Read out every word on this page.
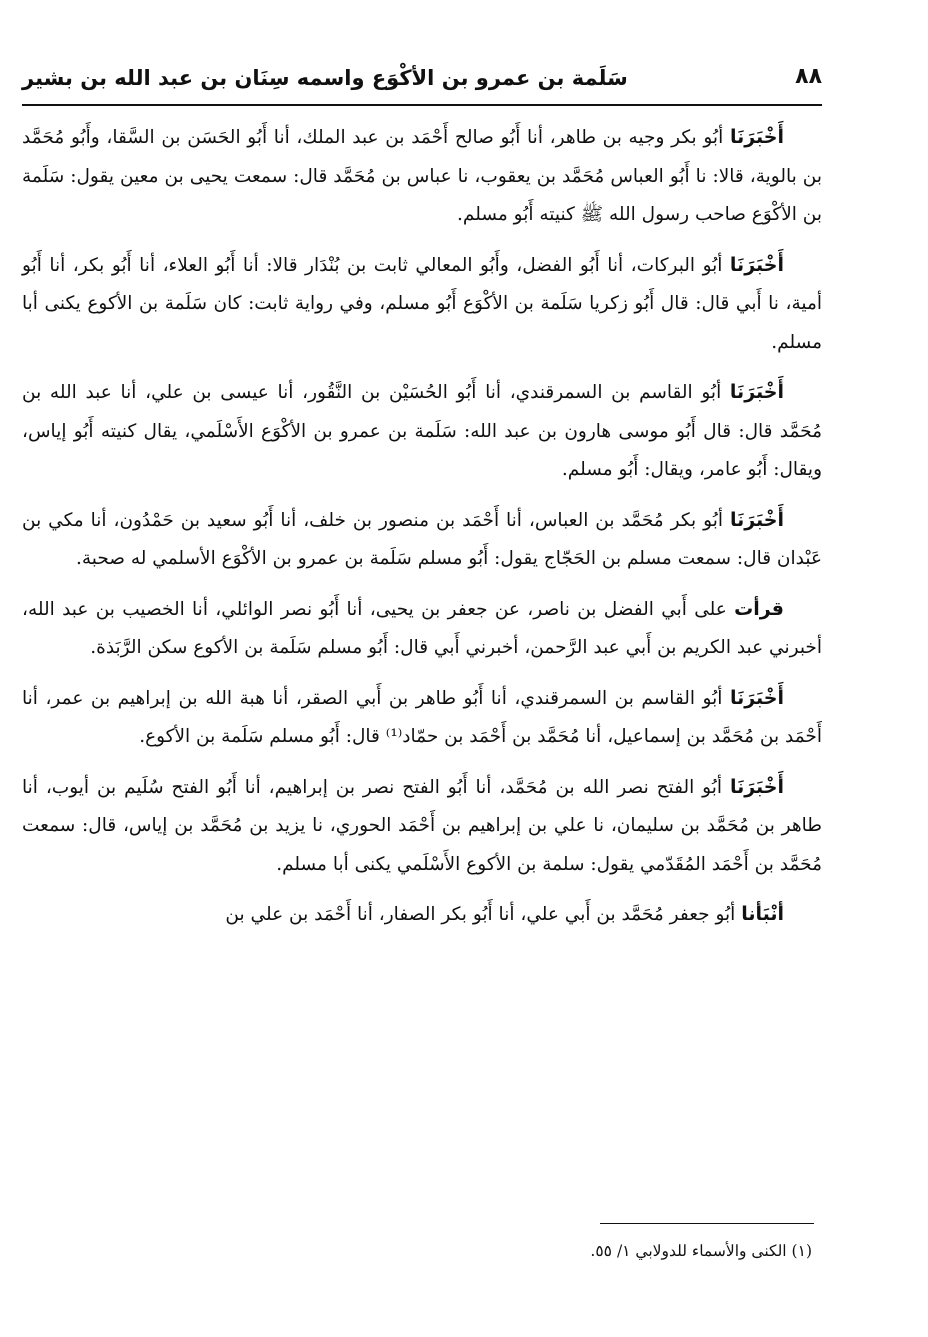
٨٨
سَلَمة بن عمرو بن الأكْوَع واسمه سِنَان بن عبد الله بن بشير

أَخْبَرَنَا أبُو بكر وجيه بن طاهر، أنا أَبُو صالح أَحْمَد بن عبد الملك، أنا أَبُو الحَسَن بن السَّقا، وأَبُو مُحَمَّد بن بالوية، قالا: نا أَبُو العباس مُحَمَّد بن يعقوب، نا عباس بن مُحَمَّد قال: سمعت يحيى بن معين يقول: سَلَمة بن الأكْوَع صاحب رسول الله ﷺ كنيته أَبُو مسلم.

أَخْبَرَنَا أبُو البركات، أنا أَبُو الفضل، وأَبُو المعالي ثابت بن بُنْدَار قالا: أنا أَبُو العلاء، أنا أَبُو بكر، أنا أَبُو أمية، نا أَبي قال: قال أَبُو زكريا سَلَمة بن الأكْوَع أَبُو مسلم، وفي رواية ثابت: كان سَلَمة بن الأكوع يكنى أبا مسلم.

أَخْبَرَنَا أبُو القاسم بن السمرقندي، أنا أَبُو الحُسَيْن بن النَّقُور، أنا عيسى بن علي، أنا عبد الله بن مُحَمَّد قال: قال أَبُو موسى هارون بن عبد الله: سَلَمة بن عمرو بن الأكْوَع الأَسْلَمي، يقال كنيته أَبُو إياس، ويقال: أَبُو عامر، ويقال: أَبُو مسلم.

أَخْبَرَنَا أبُو بكر مُحَمَّد بن العباس، أنا أَحْمَد بن منصور بن خلف، أنا أَبُو سعيد بن حَمْدُون، أنا مكي بن عَبْدان قال: سمعت مسلم بن الحَجّاج يقول: أَبُو مسلم سَلَمة بن عمرو بن الأكْوَع الأسلمي له صحبة.

قرأت على أَبي الفضل بن ناصر، عن جعفر بن يحيى، أنا أَبُو نصر الوائلي، أنا الخصيب بن عبد الله، أخبرني عبد الكريم بن أَبي عبد الرَّحمن، أخبرني أَبي قال: أَبُو مسلم سَلَمة بن الأكوع سكن الرَّبَذة.

أَخْبَرَنَا أبُو القاسم بن السمرقندي، أنا أَبُو طاهر بن أَبي الصقر، أنا هبة الله بن إبراهيم بن عمر، أنا أَحْمَد بن مُحَمَّد بن إسماعيل، أنا مُحَمَّد بن أَحْمَد بن حمّاد⁽¹⁾ قال: أَبُو مسلم سَلَمة بن الأكوع.

أَخْبَرَنَا أبُو الفتح نصر الله بن مُحَمَّد، أنا أَبُو الفتح نصر بن إبراهيم، أنا أَبُو الفتح سُلَيم بن أيوب، أنا طاهر بن مُحَمَّد بن سليمان، نا علي بن إبراهيم بن أَحْمَد الحوري، نا يزيد بن مُحَمَّد بن إياس، قال: سمعت مُحَمَّد بن أَحْمَد المُقَدّمي يقول: سلمة بن الأكوع الأَسْلَمي يكنى أبا مسلم.

أنْبَأنا أبُو جعفر مُحَمَّد بن أَبي علي، أنا أَبُو بكر الصفار، أنا أَحْمَد بن علي بن

(١) الكنى والأسماء للدولابي ١/ ٥٥.
